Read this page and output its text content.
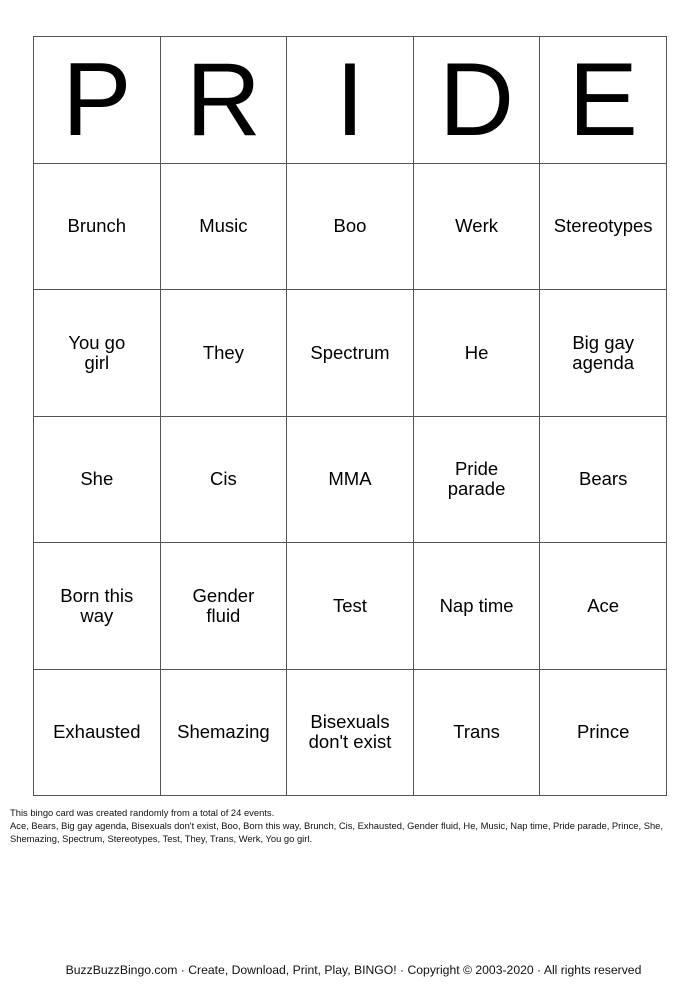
P	R	I	D	E
Brunch	Music	Boo	Werk	Stereotypes
You go girl	They	Spectrum	He	Big gay agenda
She	Cis	MMA	Pride parade	Bears
Born this way	Gender fluid	Test	Nap time	Ace
Exhausted	Shemazing	Bisexuals don't exist	Trans	Prince
This bingo card was created randomly from a total of 24 events.
Ace, Bears, Big gay agenda, Bisexuals don't exist, Boo, Born this way, Brunch, Cis, Exhausted, Gender fluid, He, Music, Nap time, Pride parade, Prince, She,
Shemazing, Spectrum, Stereotypes, Test, They, Trans, Werk, You go girl.
BuzzBuzzBingo.com · Create, Download, Print, Play, BINGO! · Copyright © 2003-2020 · All rights reserved
